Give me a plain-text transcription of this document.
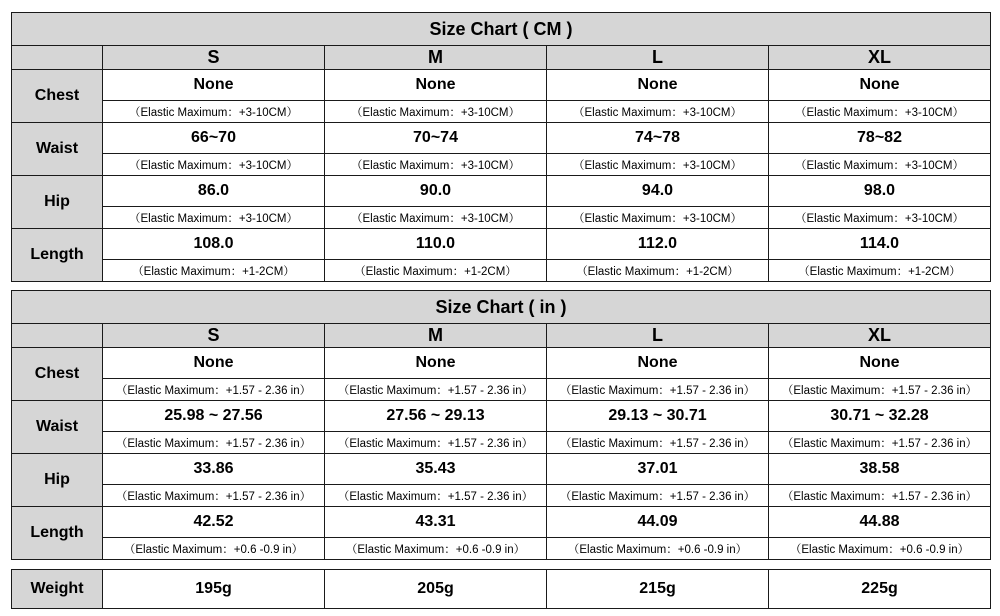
Size Chart ( CM )				
	S	M	L	XL
Chest	None	None	None	None
	（Elastic Maximum：+3-10CM）	（Elastic Maximum：+3-10CM）	（Elastic Maximum：+3-10CM）	（Elastic Maximum：+3-10CM）
Waist	66~70	70~74	74~78	78~82
	（Elastic Maximum：+3-10CM）	（Elastic Maximum：+3-10CM）	（Elastic Maximum：+3-10CM）	（Elastic Maximum：+3-10CM）
Hip	86.0	90.0	94.0	98.0
	（Elastic Maximum：+3-10CM）	（Elastic Maximum：+3-10CM）	（Elastic Maximum：+3-10CM）	（Elastic Maximum：+3-10CM）
Length	108.0	110.0	112.0	114.0
	（Elastic Maximum：+1-2CM）	（Elastic Maximum：+1-2CM）	（Elastic Maximum：+1-2CM）	（Elastic Maximum：+1-2CM）
Size Chart ( in )				
	S	M	L	XL
Chest	None	None	None	None
	（Elastic Maximum：+1.57 - 2.36 in）	（Elastic Maximum：+1.57 - 2.36 in）	（Elastic Maximum：+1.57 - 2.36 in）	（Elastic Maximum：+1.57 - 2.36 in）
Waist	25.98 ~ 27.56	27.56 ~ 29.13	29.13 ~ 30.71	30.71 ~ 32.28
	（Elastic Maximum：+1.57 - 2.36 in）	（Elastic Maximum：+1.57 - 2.36 in）	（Elastic Maximum：+1.57 - 2.36 in）	（Elastic Maximum：+1.57 - 2.36 in）
Hip	33.86	35.43	37.01	38.58
	（Elastic Maximum：+1.57 - 2.36 in）	（Elastic Maximum：+1.57 - 2.36 in）	（Elastic Maximum：+1.57 - 2.36 in）	（Elastic Maximum：+1.57 - 2.36 in）
Length	42.52	43.31	44.09	44.88
	（Elastic Maximum：+0.6 -0.9 in）	（Elastic Maximum：+0.6 -0.9 in）	（Elastic Maximum：+0.6 -0.9 in）	（Elastic Maximum：+0.6 -0.9 in）
Weight	195g	205g	215g	225g
